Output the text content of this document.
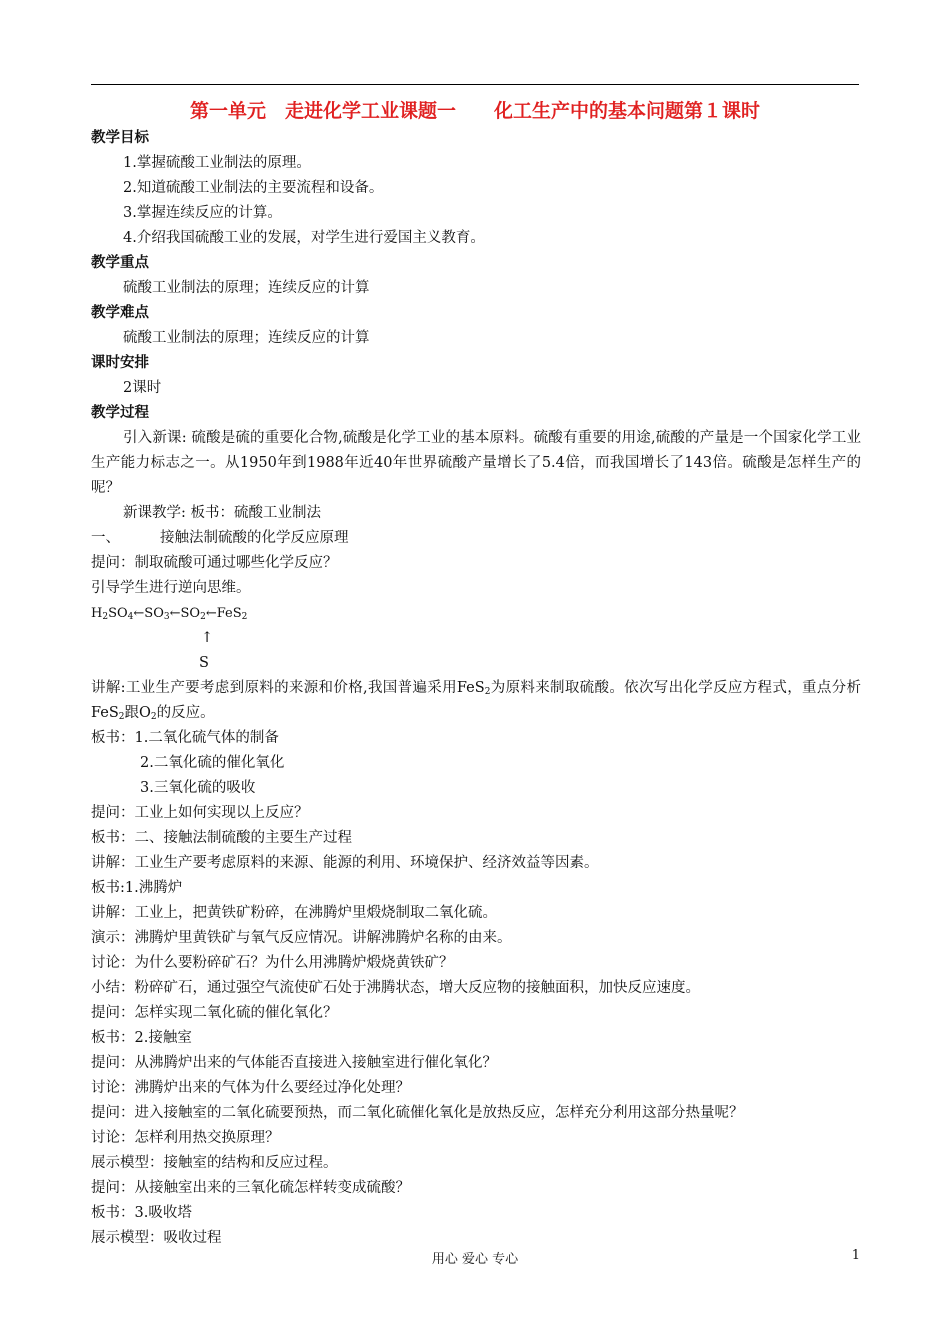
第一单元　走进化学工业课题一　　化工生产中的基本问题第１课时
教学目标
1.掌握硫酸工业制法的原理。
2.知道硫酸工业制法的主要流程和设备。
3.掌握连续反应的计算。
4.介绍我国硫酸工业的发展，对学生进行爱国主义教育。
教学重点
硫酸工业制法的原理；连续反应的计算
教学难点
硫酸工业制法的原理；连续反应的计算
课时安排
2课时
教学过程

引入新课: 硫酸是硫的重要化合物,硫酸是化学工业的基本原料。硫酸有重要的用途,硫酸的产量是一个国家化学工业生产能力标志之一。从1950年到1988年近40年世界硫酸产量增长了5.4倍，而我国增长了143倍。硫酸是怎样生产的呢？

新课教学: 板书：硫酸工业制法
一、	接触法制硫酸的化学反应原理
提问：制取硫酸可通过哪些化学反应？
引导学生进行逆向思维。
$H_2SO_4\leftarrow SO_3\leftarrow SO_2\leftarrow FeS_2$
↑
S

讲解:工业生产要考虑到原料的来源和价格,我国普遍采用FeS$_2$为原料来制取硫酸。依次写出化学反应方程式，重点分析FeS$_2$跟$O_2$的反应。

板书：1.二氧化硫气体的制备
2.二氧化硫的催化氧化
3.三氧化硫的吸收
提问：工业上如何实现以上反应？
板书：二、接触法制硫酸的主要生产过程
讲解：工业生产要考虑原料的来源、能源的利用、环境保护、经济效益等因素。
板书:1.沸腾炉
讲解：工业上，把黄铁矿粉碎，在沸腾炉里煅烧制取二氧化硫。
演示：沸腾炉里黄铁矿与氧气反应情况。讲解沸腾炉名称的由来。
讨论：为什么要粉碎矿石？为什么用沸腾炉煅烧黄铁矿？
小结：粉碎矿石，通过强空气流使矿石处于沸腾状态，增大反应物的接触面积，加快反应速度。
提问：怎样实现二氧化硫的催化氧化？
板书：2.接触室
提问：从沸腾炉出来的气体能否直接进入接触室进行催化氧化？
讨论：沸腾炉出来的气体为什么要经过净化处理？
提问：进入接触室的二氧化硫要预热，而二氧化硫催化氧化是放热反应，怎样充分利用这部分热量呢？
讨论：怎样利用热交换原理？
展示模型：接触室的结构和反应过程。
提问：从接触室出来的三氧化硫怎样转变成硫酸？
板书：3.吸收塔
展示模型：吸收过程
用心 爱心 专心	1
